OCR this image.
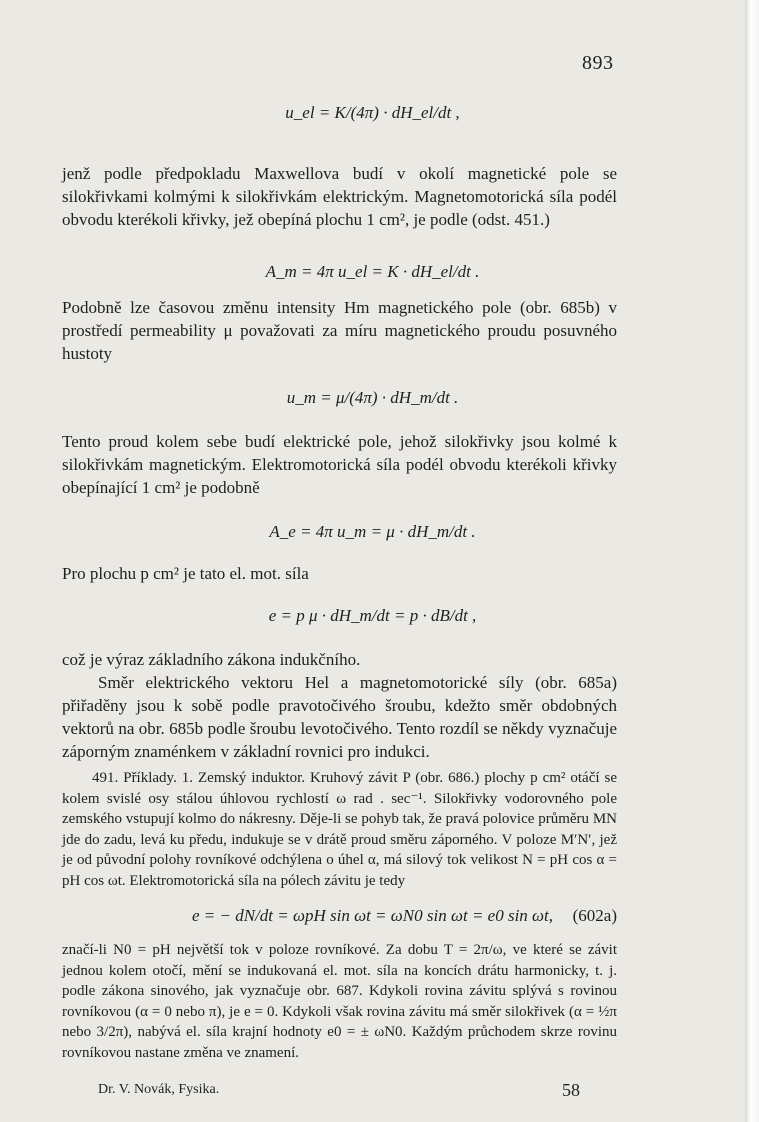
893
u_el = K/(4π) · dH_el/dt ,

jenž podle předpokladu Maxwellova budí v okolí magnetické pole se silokřivkami kolmými k silokřivkám elektrickým. Magnetomotorická síla podél obvodu kterékoli křivky, jež obepíná plochu 1 cm², je podle (odst. 451.)

A_m = 4π u_el = K · dH_el/dt .

Podobně lze časovou změnu intensity Hm magnetického pole (obr. 685b) v prostředí permeability μ považovati za míru magnetického proudu posuvného hustoty

u_m = μ/(4π) · dH_m/dt .

Tento proud kolem sebe budí elektrické pole, jehož silokřivky jsou kolmé k silokřivkám magnetickým. Elektromotorická síla podél obvodu kterékoli křivky obepínající 1 cm² je podobně

A_e = 4π u_m = μ · dH_m/dt .

Pro plochu p cm² je tato el. mot. síla

e = p μ · dH_m/dt = p · dB/dt ,

což je výraz základního zákona indukčního.

Směr elektrického vektoru Hel a magnetomotorické síly (obr. 685a) přiřaděny jsou k sobě podle pravotočivého šroubu, kdežto směr obdobných vektorů na obr. 685b podle šroubu levotočivého. Tento rozdíl se někdy vyznačuje záporným znaménkem v základní rovnici pro indukci.

491. Příklady. 1. Zemský induktor. Kruhový závit P (obr. 686.) plochy p cm² otáčí se kolem svislé osy stálou úhlovou rychlostí ω rad . sec⁻¹. Silokřivky vodorovného pole zemského vstupují kolmo do nákresny. Děje-li se pohyb tak, že pravá polovice průměru MN jde do zadu, levá ku předu, indukuje se v drátě proud směru záporného. V poloze M′N′, jež je od původní polohy rovníkové odchýlena o úhel α, má silový tok velikost N = pH cos α = pH cos ωt. Elektromotorická síla na pólech závitu je tedy

e = − dN/dt = ωpH sin ωt = ωN0 sin ωt = e0 sin ωt, (602a)

značí-li N0 = pH největší tok v poloze rovníkové. Za dobu T = 2π/ω, ve které se závit jednou kolem otočí, mění se indukovaná el. mot. síla na koncích drátu harmonicky, t. j. podle zákona sinového, jak vyznačuje obr. 687. Kdykoli rovina závitu splývá s rovinou rovníkovou (α = 0 nebo π), je e = 0. Kdykoli však rovina závitu má směr silokřivek (α = ½π nebo 3/2π), nabývá el. síla krajní hodnoty e0 = ± ωN0. Každým průchodem skrze rovinu rovníkovou nastane změna ve znamení.

Dr. V. Novák, Fysika.	58
